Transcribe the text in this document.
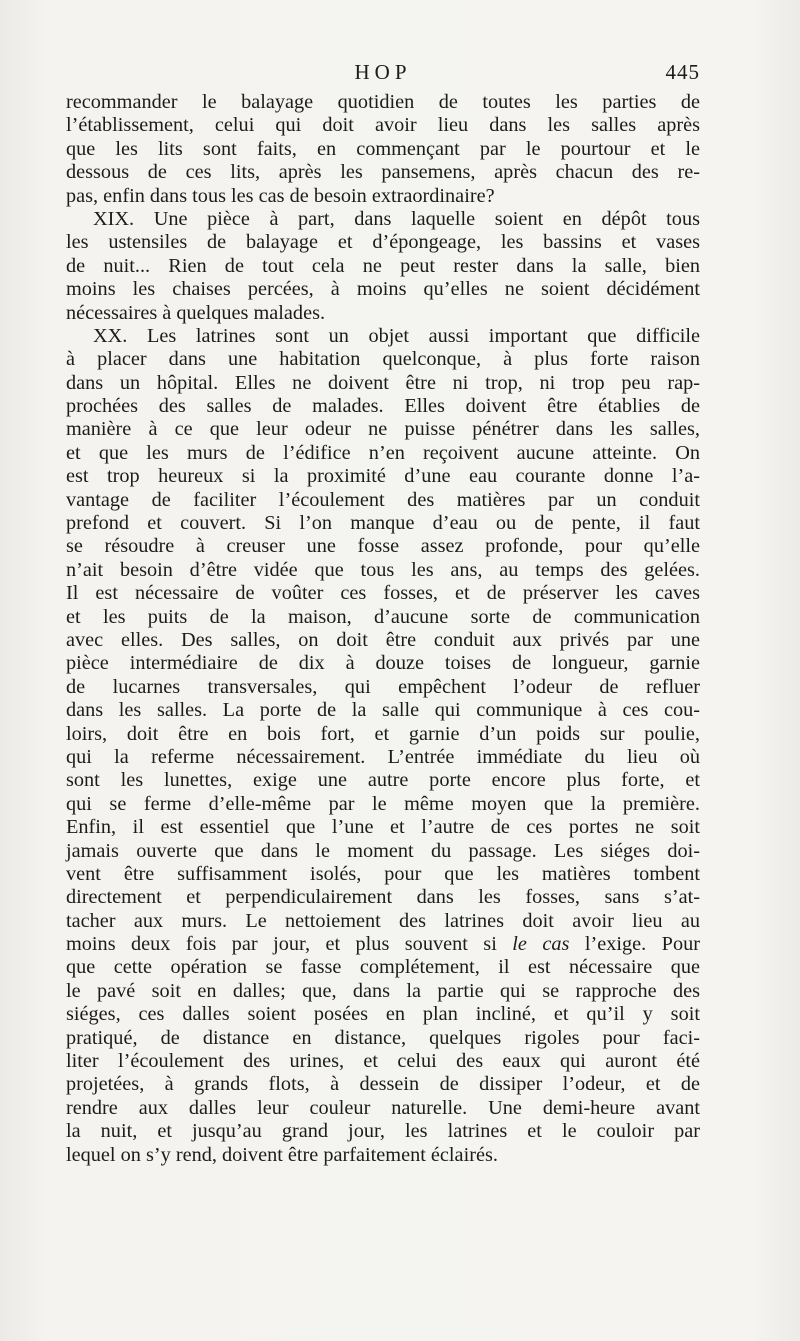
HOP	445
recommander le balayage quotidien de toutes les parties de
l’établissement, celui qui doit avoir lieu dans les salles après
que les lits sont faits, en commençant par le pourtour et le
dessous de ces lits, après les pansemens, après chacun des re-
pas, enfin dans tous les cas de besoin extraordinaire?
XIX. Une pièce à part, dans laquelle soient en dépôt tous
les ustensiles de balayage et d’épongeage, les bassins et vases
de nuit... Rien de tout cela ne peut rester dans la salle, bien
moins les chaises percées, à moins qu’elles ne soient décidément
nécessaires à quelques malades.
XX. Les latrines sont un objet aussi important que difficile
à placer dans une habitation quelconque, à plus forte raison
dans un hôpital. Elles ne doivent être ni trop, ni trop peu rap-
prochées des salles de malades. Elles doivent être établies de
manière à ce que leur odeur ne puisse pénétrer dans les salles,
et que les murs de l’édifice n’en reçoivent aucune atteinte. On
est trop heureux si la proximité d’une eau courante donne l’a-
vantage de faciliter l’écoulement des matières par un conduit
prefond et couvert. Si l’on manque d’eau ou de pente, il faut
se résoudre à creuser une fosse assez profonde, pour qu’elle
n’ait besoin d’être vidée que tous les ans, au temps des gelées.
Il est nécessaire de voûter ces fosses, et de préserver les caves
et les puits de la maison, d’aucune sorte de communication
avec elles. Des salles, on doit être conduit aux privés par une
pièce intermédiaire de dix à douze toises de longueur, garnie
de lucarnes transversales, qui empêchent l’odeur de refluer
dans les salles. La porte de la salle qui communique à ces cou-
loirs, doit être en bois fort, et garnie d’un poids sur poulie,
qui la referme nécessairement. L’entrée immédiate du lieu où
sont les lunettes, exige une autre porte encore plus forte, et
qui se ferme d’elle-même par le même moyen que la première.
Enfin, il est essentiel que l’une et l’autre de ces portes ne soit
jamais ouverte que dans le moment du passage. Les siéges doi-
vent être suffisamment isolés, pour que les matières tombent
directement et perpendiculairement dans les fosses, sans s’at-
tacher aux murs. Le nettoiement des latrines doit avoir lieu au
moins deux fois par jour, et plus souvent si le cas l’exige. Pour
que cette opération se fasse complétement, il est nécessaire que
le pavé soit en dalles; que, dans la partie qui se rapproche des
siéges, ces dalles soient posées en plan incliné, et qu’il y soit
pratiqué, de distance en distance, quelques rigoles pour faci-
liter l’écoulement des urines, et celui des eaux qui auront été
projetées, à grands flots, à dessein de dissiper l’odeur, et de
rendre aux dalles leur couleur naturelle. Une demi-heure avant
la nuit, et jusqu’au grand jour, les latrines et le couloir par
lequel on s’y rend, doivent être parfaitement éclairés.
